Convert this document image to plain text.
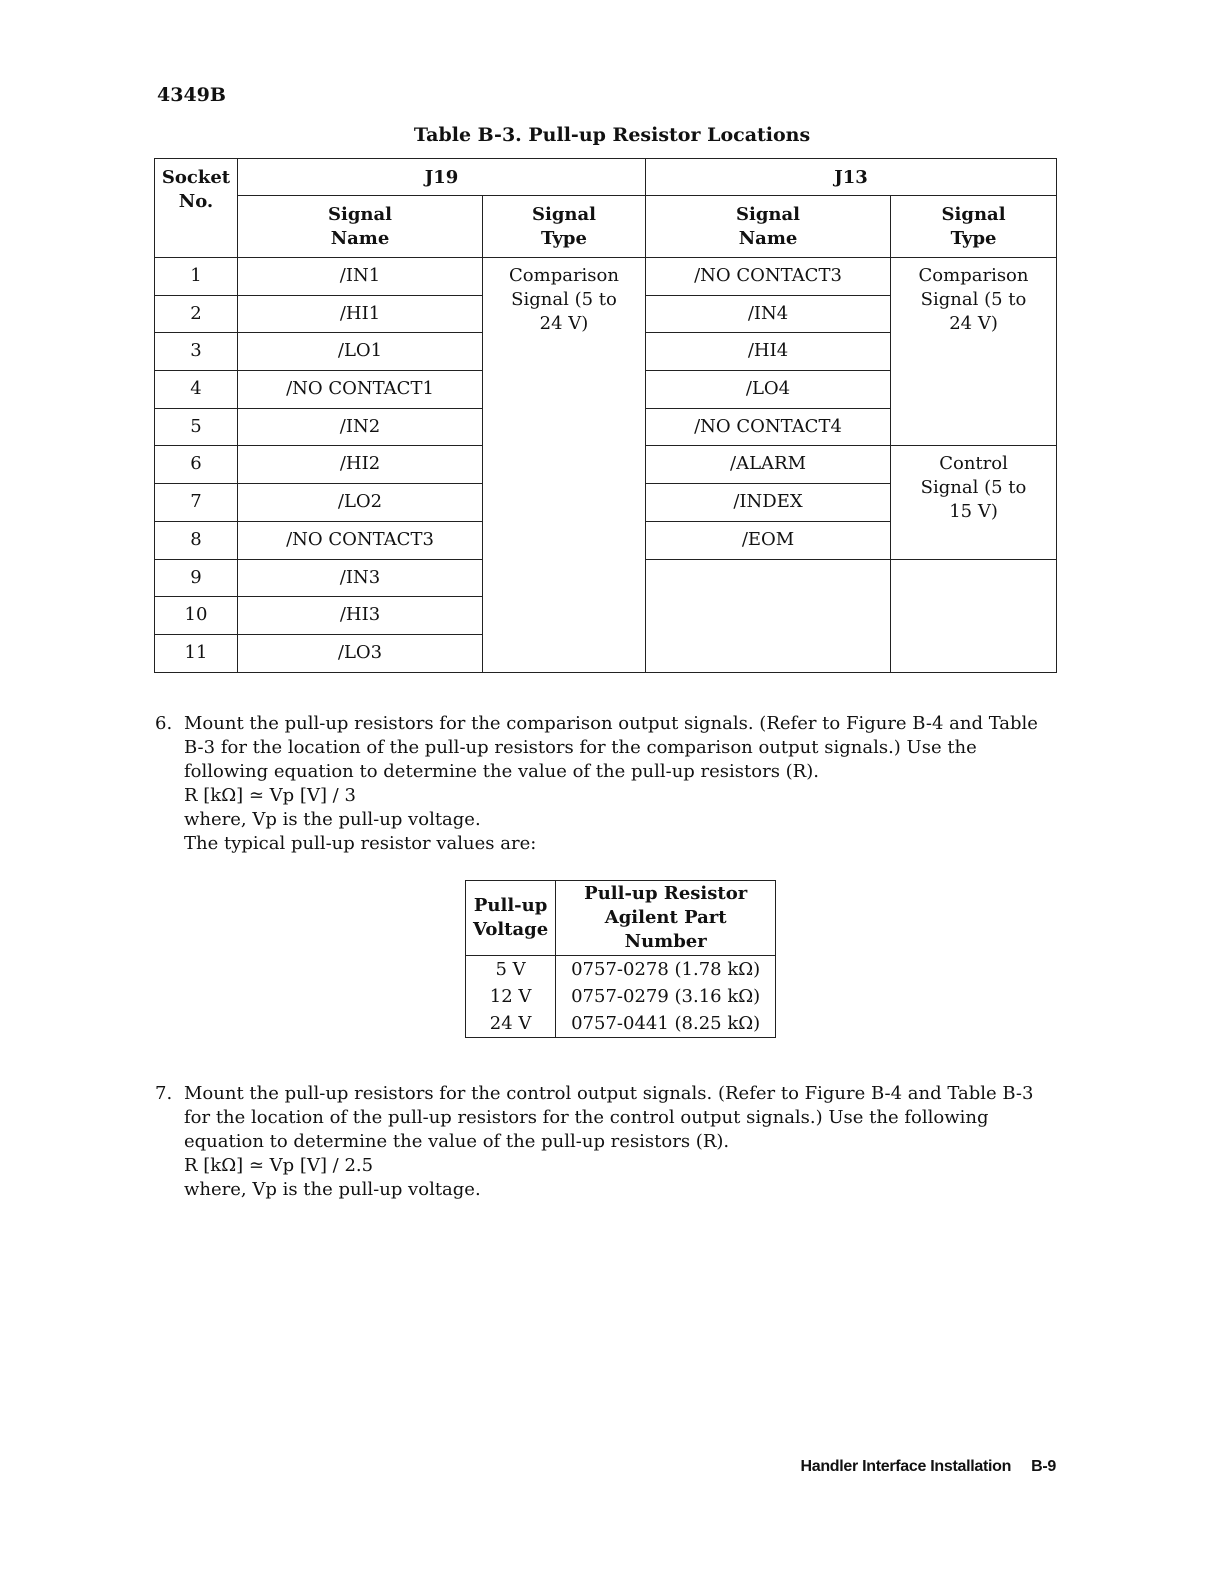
4349B
Table B-3. Pull-up Resistor Locations
Socket No.	J19		J13	
	Signal Name	Signal Type	Signal Name	Signal Type
1	/IN1	Comparison Signal (5 to 24 V)	/NO CONTACT3	Comparison Signal (5 to 24 V)
2	/HI1		/IN4	
3	/LO1		/HI4	
4	/NO CONTACT1		/LO4	
5	/IN2		/NO CONTACT4	
6	/HI2		/ALARM	Control Signal (5 to 15 V)
7	/LO2		/INDEX	
8	/NO CONTACT3		/EOM	
9	/IN3			
10	/HI3			
11	/LO3			
6. Mount the pull-up resistors for the comparison output signals. (Refer to Figure B-4 and Table B-3 for the location of the pull-up resistors for the comparison output signals.) Use the following equation to determine the value of the pull-up resistors (R).

R [kΩ] ≃ Vp [V] / 3

where, Vp is the pull-up voltage.

The typical pull-up resistor values are:

Pull-up Voltage	Pull-up Resistor Agilent Part Number
5 V	0757-0278 (1.78 kΩ)
12 V	0757-0279 (3.16 kΩ)
24 V	0757-0441 (8.25 kΩ)
7. Mount the pull-up resistors for the control output signals. (Refer to Figure B-4 and Table B-3 for the location of the pull-up resistors for the control output signals.) Use the following equation to determine the value of the pull-up resistors (R).

R [kΩ] ≃ Vp [V] / 2.5

where, Vp is the pull-up voltage.

Handler Interface Installation B-9
